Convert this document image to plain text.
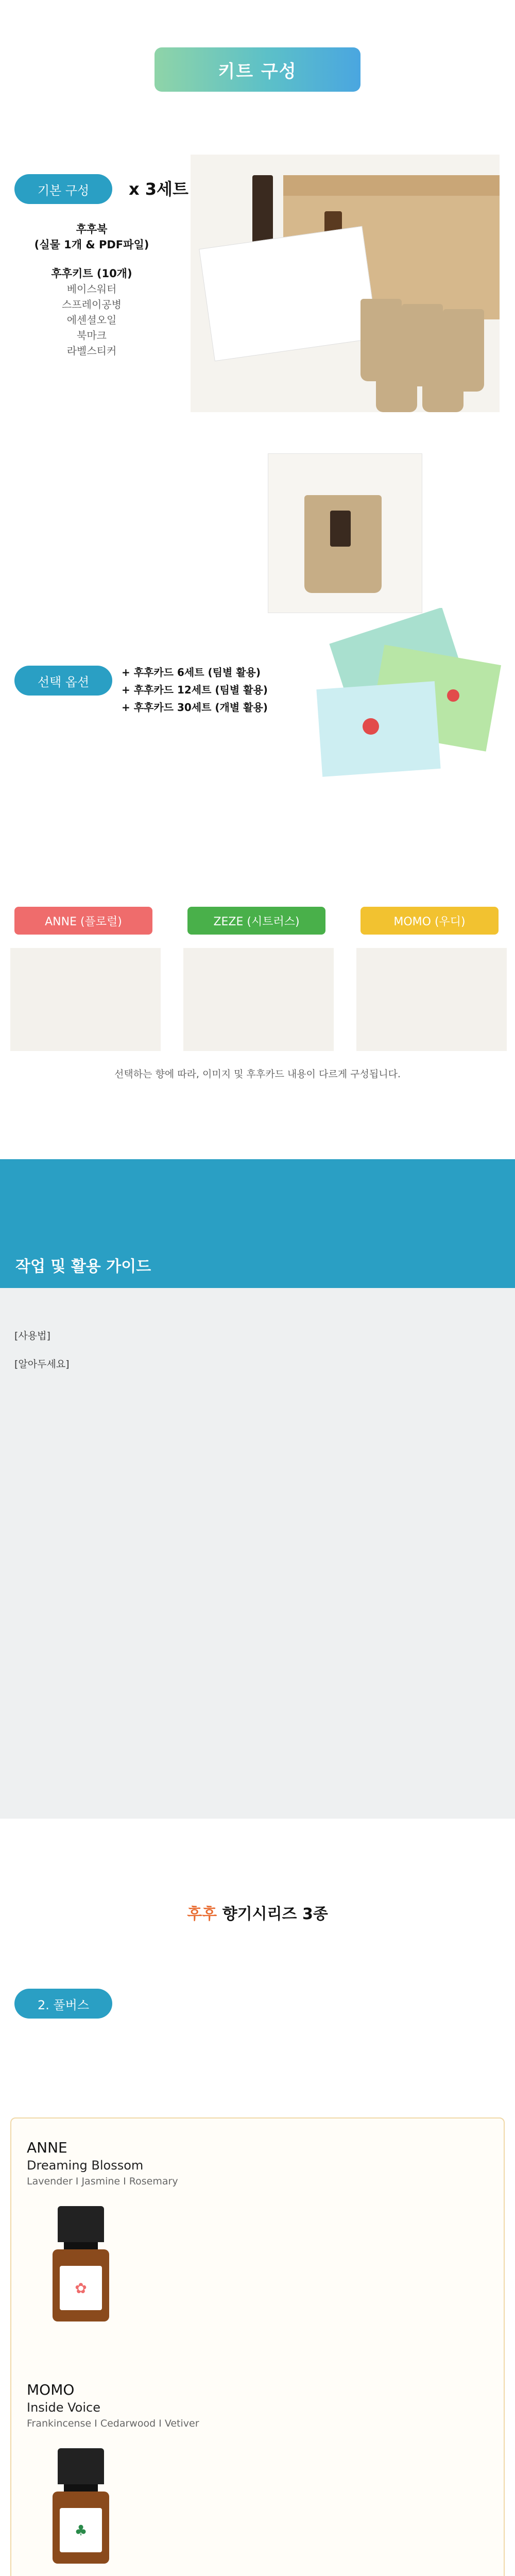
키트 구성
기본 구성	x 3세트
후후북
(실물 1개 & PDF파일)
후후키트 (10개)
베이스워터
스프레이공병
에센셜오일
북마크
라벨스티커

선택 옵션
+ 후후카드 6세트 (팀별 활용)
+ 후후카드 12세트 (팀별 활용)
+ 후후카드 30세트 (개별 활용)
ANNE (플로럴)	ZEZE (시트러스)	MOMO (우디)
선택하는 향에 따라, 이미지 및 후후카드 내용이 다르게 구성됩니다.
작업 및 활용 가이드

[사용법]

[알아두세요]

후후 향기시리즈 3종
2. 풀버스

ANNE
Dreaming Blossom
Lavender I Jasmine I Rosemary
✿

MOMO
Inside Voice
Frankincense I Cedarwood I Vetiver
♣
